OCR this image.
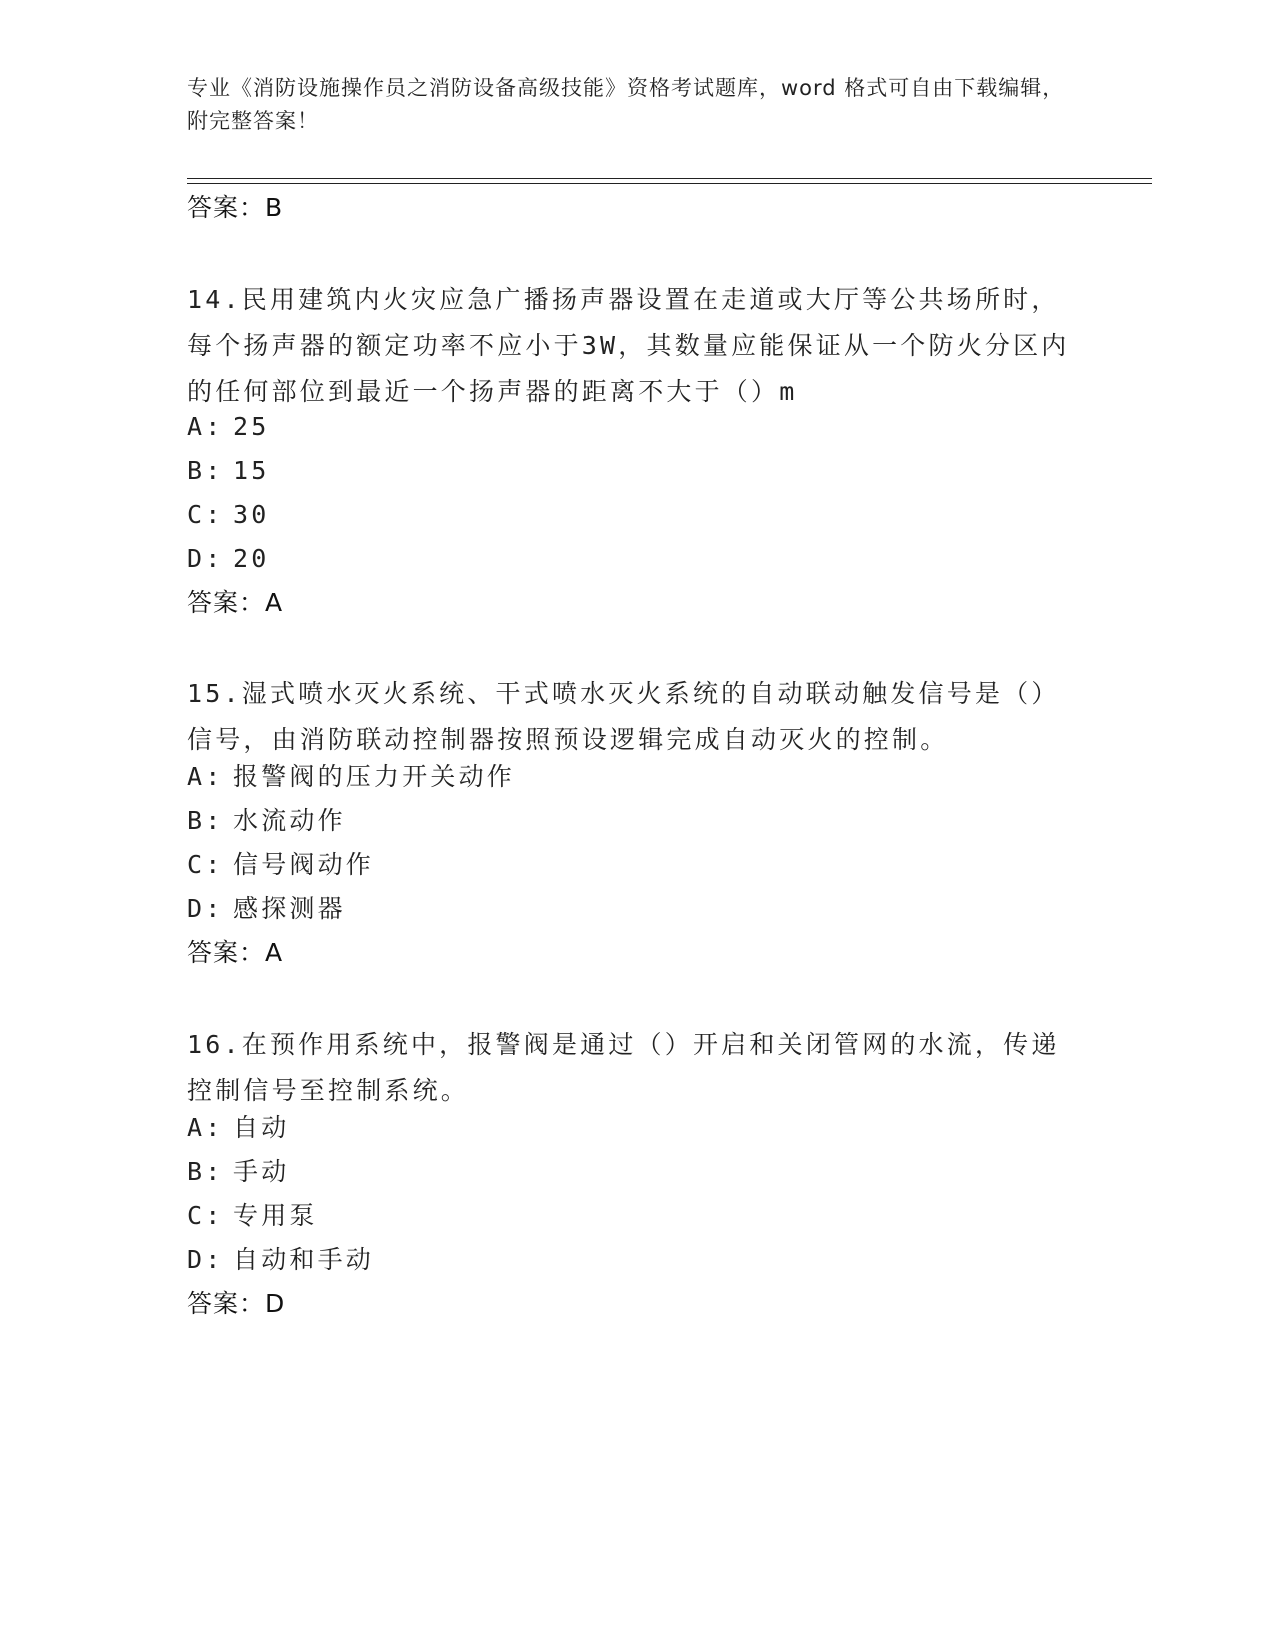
专业《消防设施操作员之消防设备高级技能》资格考试题库，word 格式可自由下载编辑，附完整答案！
答案：B
14.民用建筑内火灾应急广播扬声器设置在走道或大厅等公共场所时，每个扬声器的额定功率不应小于3W，其数量应能保证从一个防火分区内的任何部位到最近一个扬声器的距离不大于（）m
A: 25
B: 15
C: 30
D: 20
答案：A
15.湿式喷水灭火系统、干式喷水灭火系统的自动联动触发信号是（）信号，由消防联动控制器按照预设逻辑完成自动灭火的控制。
A: 报警阀的压力开关动作
B: 水流动作
C: 信号阀动作
D: 感探测器
答案：A
16.在预作用系统中，报警阀是通过（）开启和关闭管网的水流，传递控制信号至控制系统。
A: 自动
B: 手动
C: 专用泵
D: 自动和手动
答案：D
